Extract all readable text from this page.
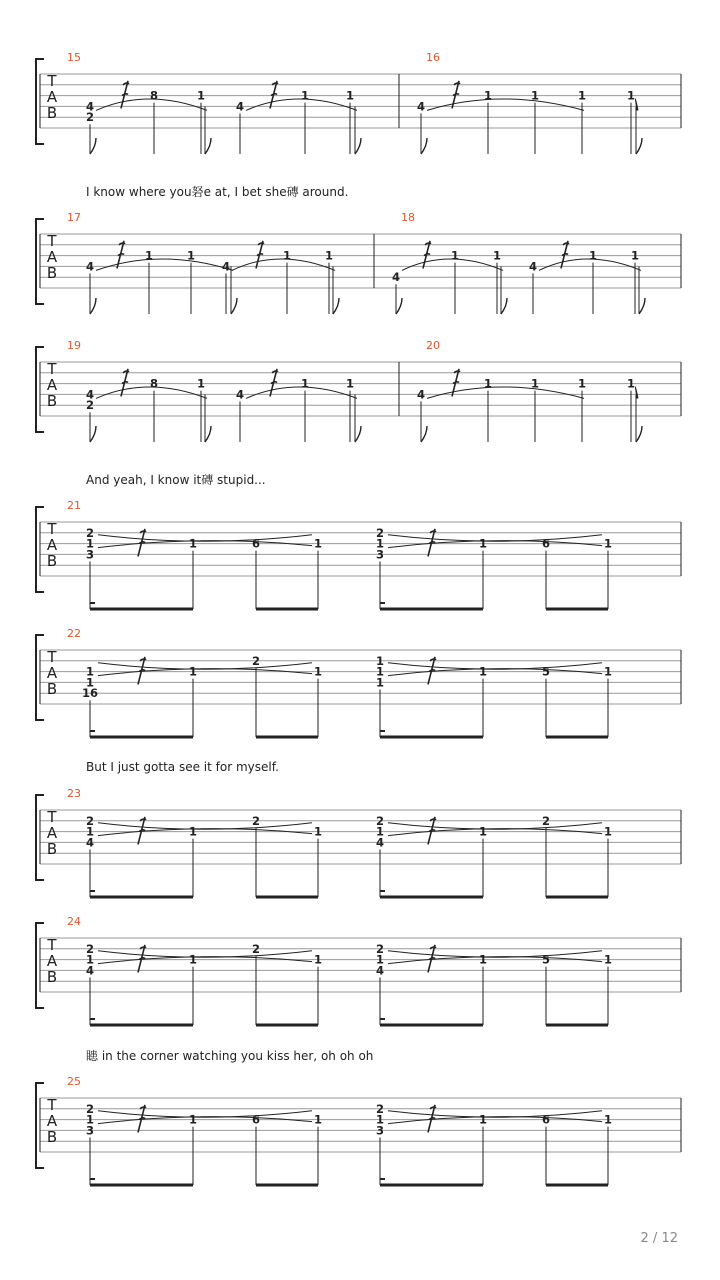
T
A
B
15
4
2
8	1
4
1	1
16
4
1	1	1	1
T
A
B
17
4
1	1
4
1	1
18
4
1	1
4
1	1
T
A
B
19
4
2
8	1
4
1	1
20
4
1	1	1	1
T
A
B
21
2
1
3
1	6	1
2
1
3
1	6	1
T
A
B
22
1
1
16
1
2
1
1
1
1
1	5	1
T
A
B
23
2
1
4
1
2
1
2
1
4
1
2
1
T
A
B
24
2
1
4
1
2
1
2
1
4
1	5	1
T
A
B
25
2
1
3
1	6	1
2
1
3
1	6	1
I know where you砮e at, I bet she磚 around.
And yeah, I know it磚 stupid...
But I just gotta see it for myself.
瞣 in the corner watching you kiss her, oh oh oh
2 / 12
